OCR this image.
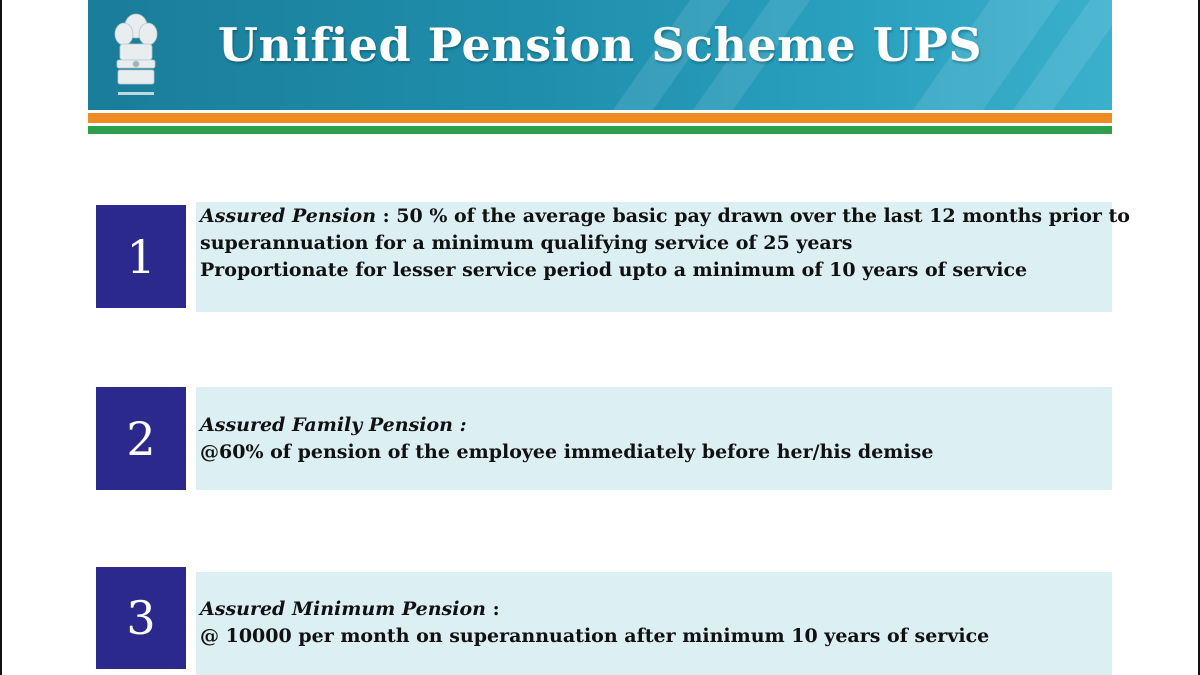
Unified Pension Scheme UPS
1
Assured Pension : 50 % of the average basic pay drawn over the last 12 months prior to
superannuation for a minimum qualifying service of 25 years
Proportionate for lesser service period upto a minimum of 10 years of service
2	Assured Family Pension :
@60% of pension of the employee immediately before her/his demise
3	Assured Minimum Pension :
@ 10000 per month on superannuation after minimum 10 years of service
